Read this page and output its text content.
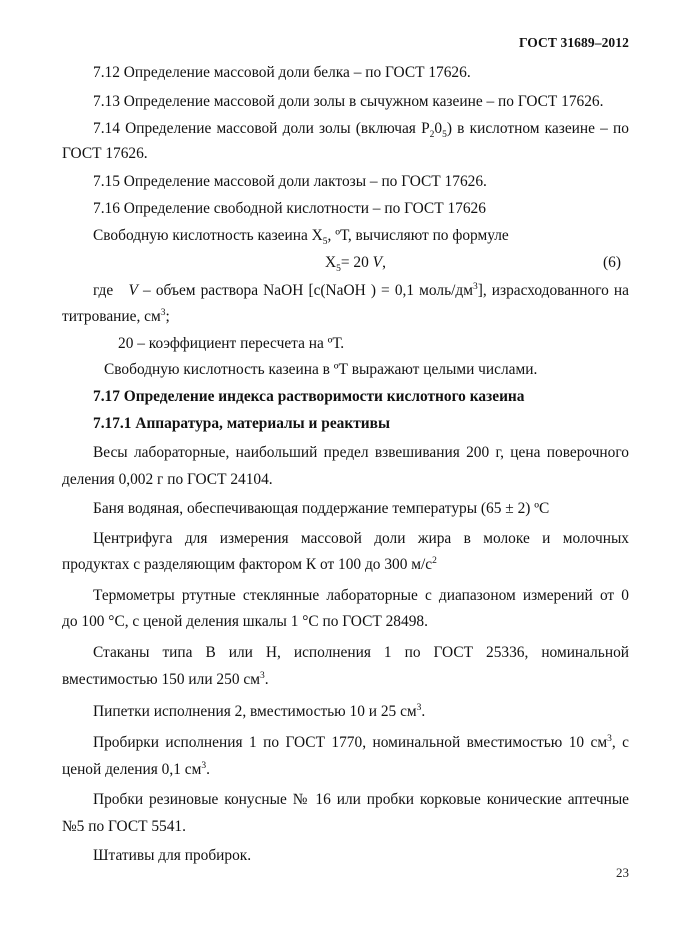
ГОСТ 31689–2012
7.12 Определение массовой доли белка – по ГОСТ 17626.
7.13 Определение массовой доли золы в сычужном казеине – по ГОСТ 17626.
7.14 Определение массовой доли золы (включая $Р_20_5$) в кислотном казеине – по
ГОСТ 17626.
7.15 Определение массовой доли лактозы – по ГОСТ 17626.
7.16 Определение свободной кислотности – по ГОСТ 17626
Свободную кислотность казеина $Х_5$, ºТ, вычисляют по формуле
$Х_5= 20$ V,	(6)
где   V – объем раствора NaOH [c(NaOH ) = 0,1 моль/$дм^3$], израсходованного на
титрование, $см^3$;
20 – коэффициент пересчета на ºТ.
Свободную кислотность казеина в ºТ выражают целыми числами.
7.17 Определение индекса растворимости кислотного казеина
7.17.1 Аппаратура, материалы и реактивы
Весы лабораторные, наибольший предел взвешивания 200 г, цена поверочного
деления 0,002 г по ГОСТ 24104.
Баня водяная, обеспечивающая поддержание температуры (65 ± 2) ºС
Центрифуга для измерения массовой доли жира в молоке и молочных
продуктах с разделяющим фактором К от 100 до 300 $м/с^2$
Термометры ртутные стеклянные лабораторные с диапазоном измерений от 0
до 100 °С, с ценой деления шкалы 1 °С по ГОСТ 28498.
Стаканы типа В или Н, исполнения 1 по ГОСТ 25336, номинальной
вместимостью 150 или 250 $см^3$.
Пипетки исполнения 2, вместимостью 10 и 25 $см^3$.
Пробирки исполнения 1 по ГОСТ 1770, номинальной вместимостью 10 $см^3$, с
ценой деления 0,1 $см^3$.
Пробки резиновые конусные № 16 или пробки корковые конические аптечные
№5 по ГОСТ 5541.
Штативы для пробирок.
23
